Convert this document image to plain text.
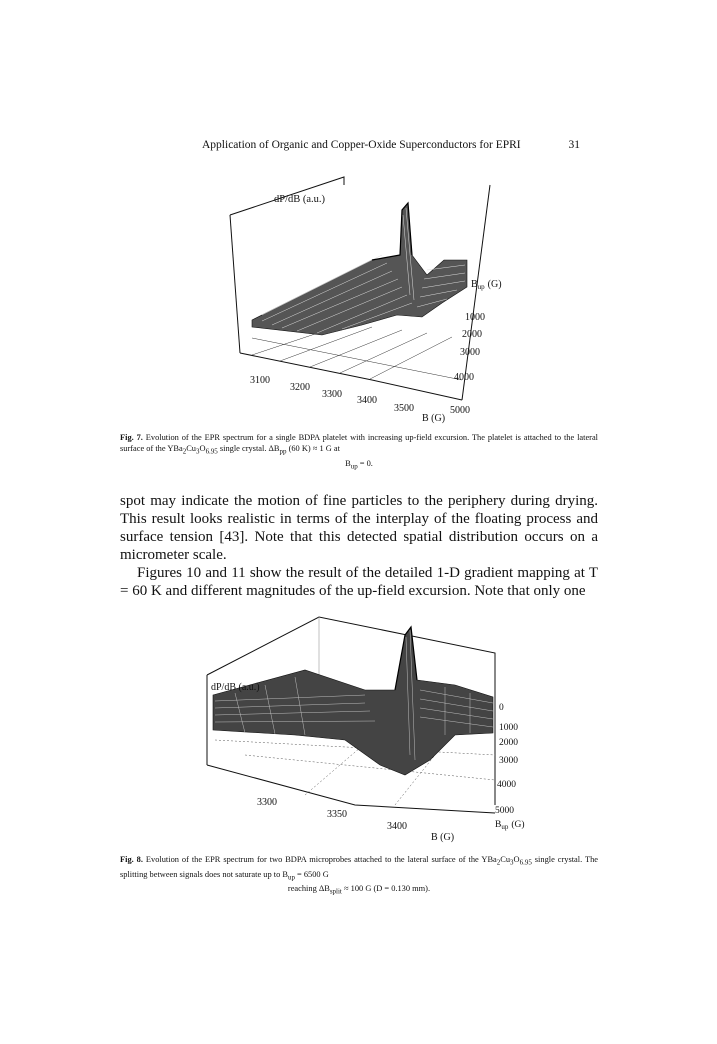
Application of Organic and Copper-Oxide Superconductors for EPRI	31
dP/dB (a.u.)
$B_{up}$ (G)
1000
2000
3000
4000
5000
3100
3200
3300
3400
3500
B (G)
Fig. 7. Evolution of the EPR spectrum for a single BDPA platelet with increasing up-field excursion. The platelet is attached to the lateral surface of the $YBa_2Cu_3O_{6.95}$ single crystal. $\Delta B_{pp}$ (60 K) ≈ 1 G at
$B_{up} = 0$.

spot may indicate the motion of fine particles to the periphery during drying. This result looks realistic in terms of the interplay of the floating process and surface tension [43]. Note that this detected spatial distribution occurs on a micrometer scale.

Figures 10 and 11 show the result of the detailed 1-D gradient mapping at T = 60 K and different magnitudes of the up-field excursion. Note that only one

dP/dB (a.u.)
0
1000
2000
3000
4000
5000
$B_{up}$ (G)
3300
3350
3400
B (G)
Fig. 8. Evolution of the EPR spectrum for two BDPA microprobes attached to the lateral surface of the $YBa_2Cu_3O_{6.95}$ single crystal. The splitting between signals does not saturate up to $B_{up} = 6500$ G
reaching $\Delta B_{split} \approx 100$ G (D = 0.130 mm).
